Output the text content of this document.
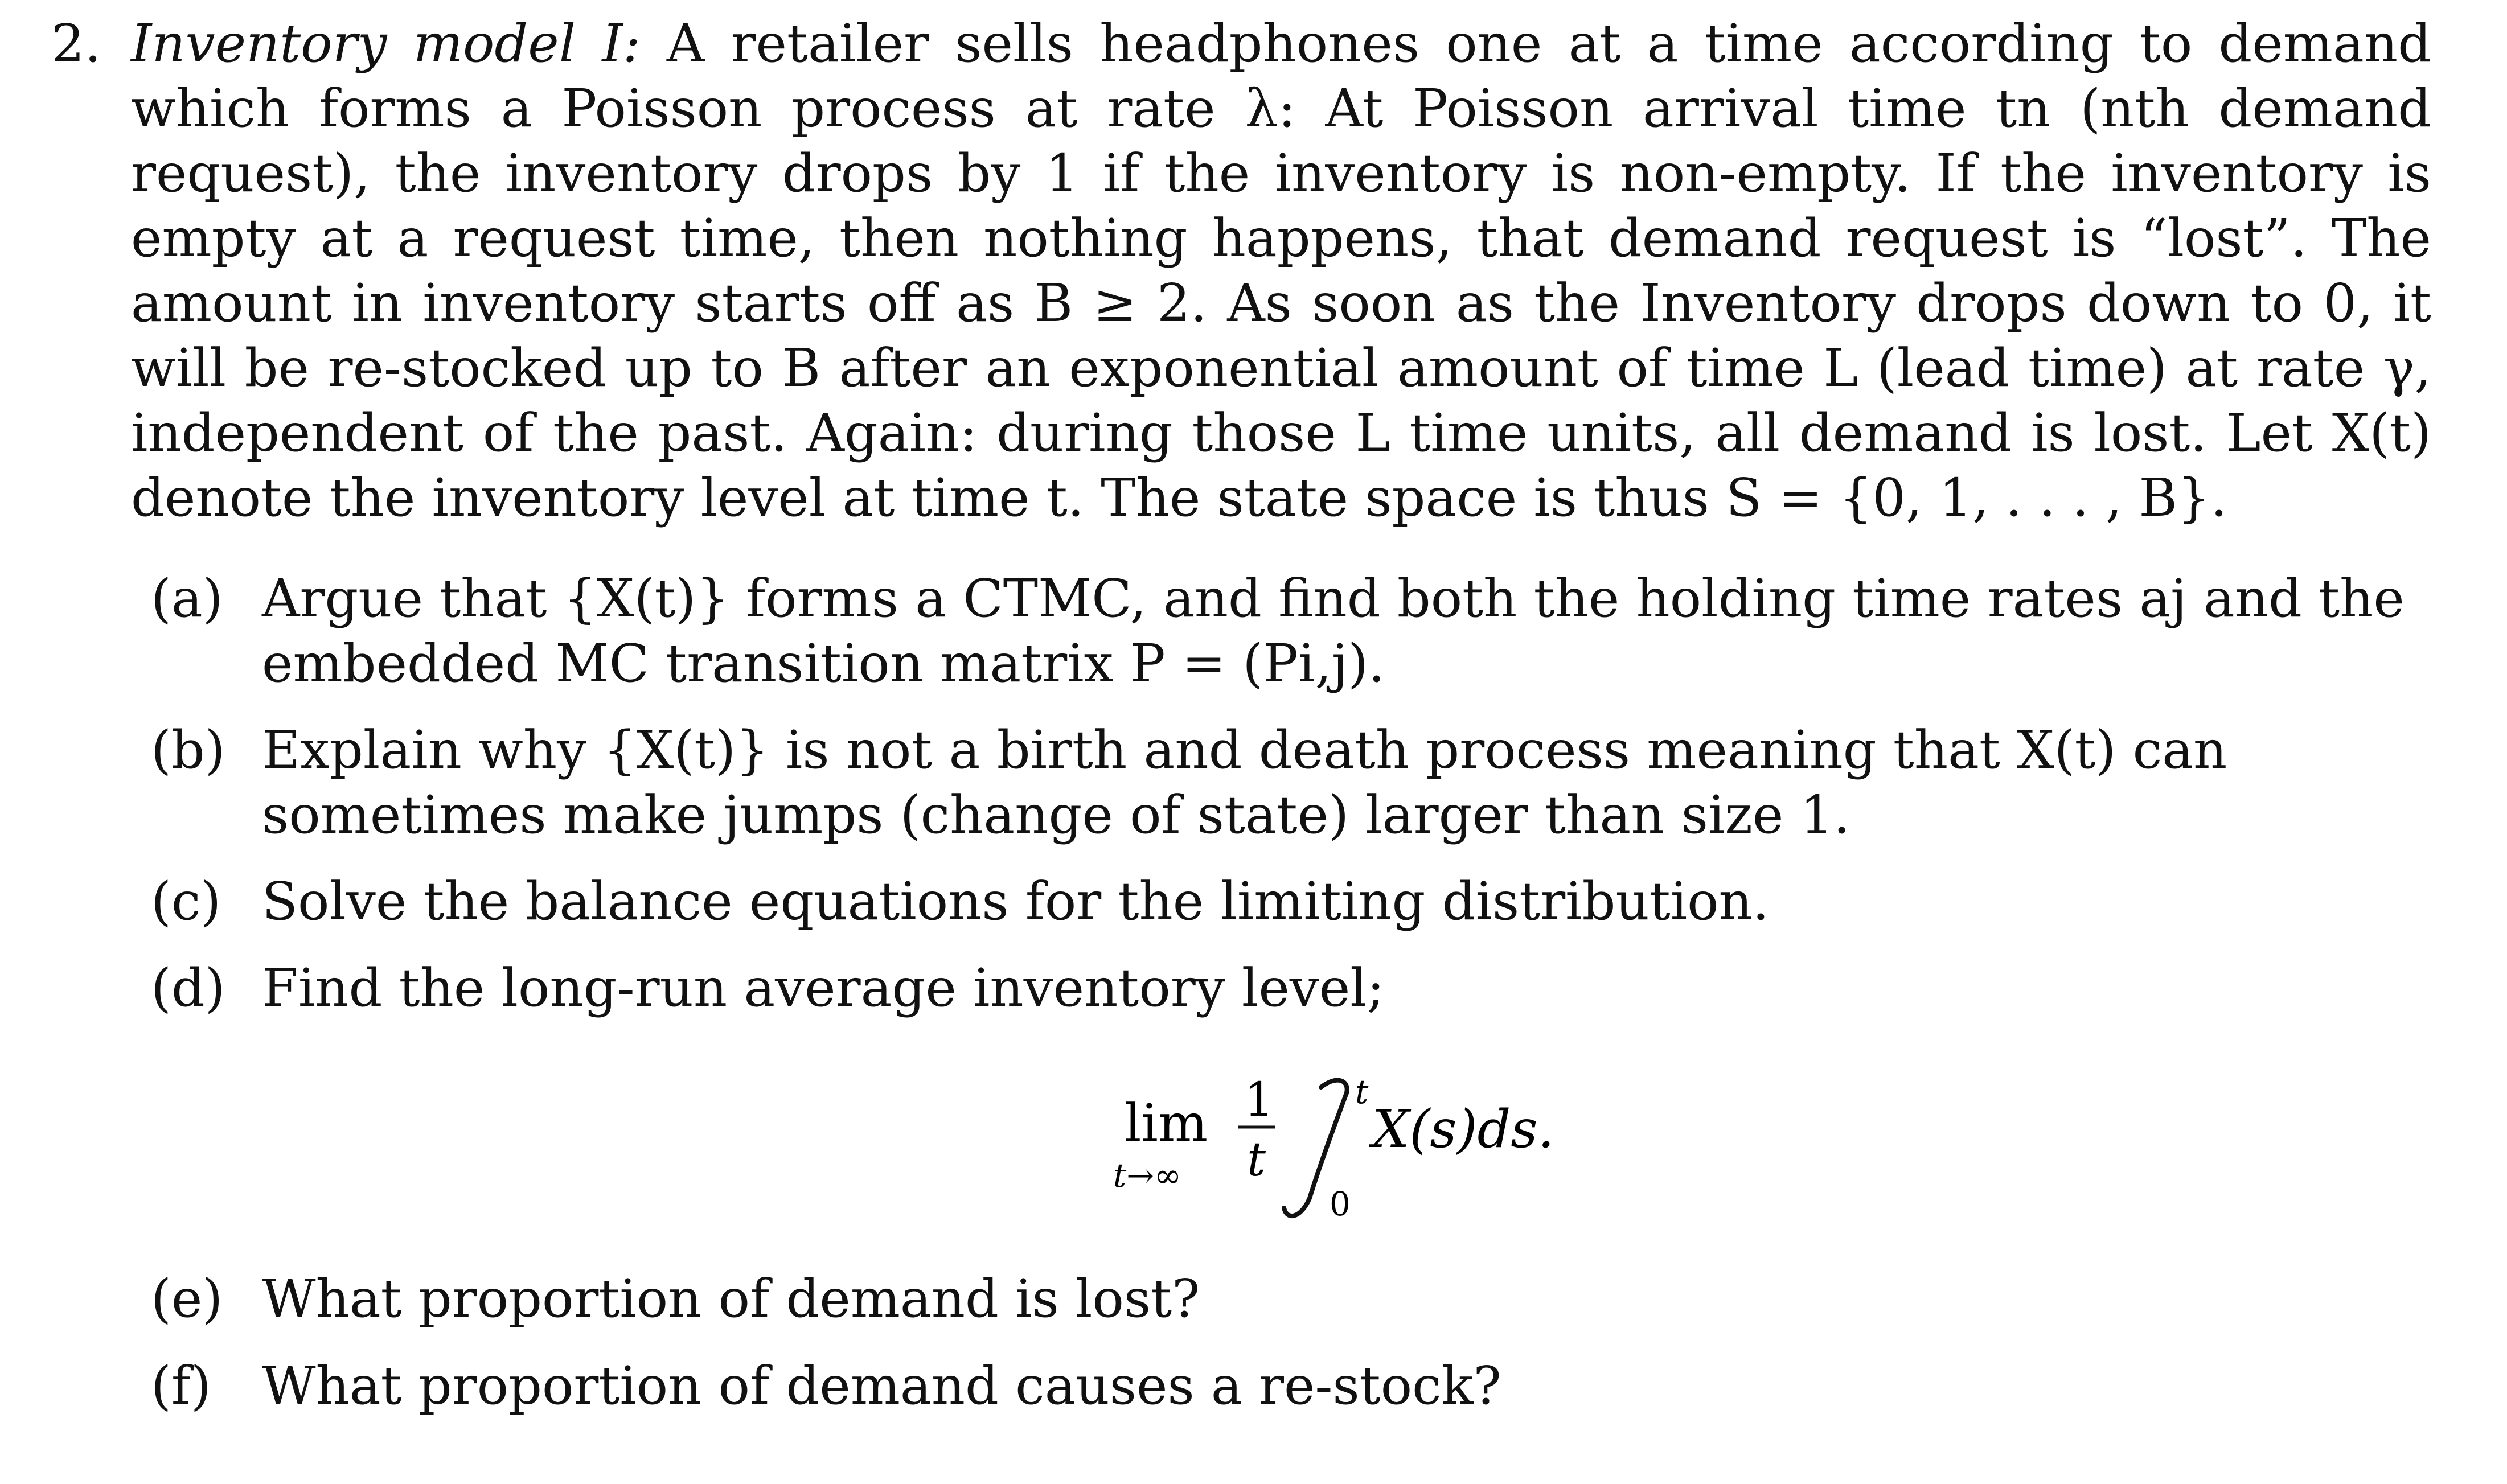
2. Inventory model I: A retailer sells headphones one at a time according to demand which forms a Poisson process at rate λ: At Poisson arrival time tn (nth demand request), the inventory drops by 1 if the inventory is non-empty. If the inventory is empty at a request time, then nothing happens, that demand request is “lost”. The amount in inventory starts off as B ≥ 2. As soon as the Inventory drops down to 0, it will be re-stocked up to B after an exponential amount of time L (lead time) at rate γ, independent of the past. Again: during those L time units, all demand is lost. Let X(t) denote the inventory level at time t. The state space is thus S = {0, 1, . . . , B}.
(a) Argue that {X(t)} forms a CTMC, and find both the holding time rates aj and the embedded MC transition matrix P = (Pi,j).
(b) Explain why {X(t)} is not a birth and death process meaning that X(t) can sometimes make jumps (change of state) larger than size 1.
(c) Solve the balance equations for the limiting distribution.
(d) Find the long-run average inventory level;
lim
t→∞
1
t
t
0
X(s)ds.
(e) What proportion of demand is lost?
(f) What proportion of demand causes a re-stock?
